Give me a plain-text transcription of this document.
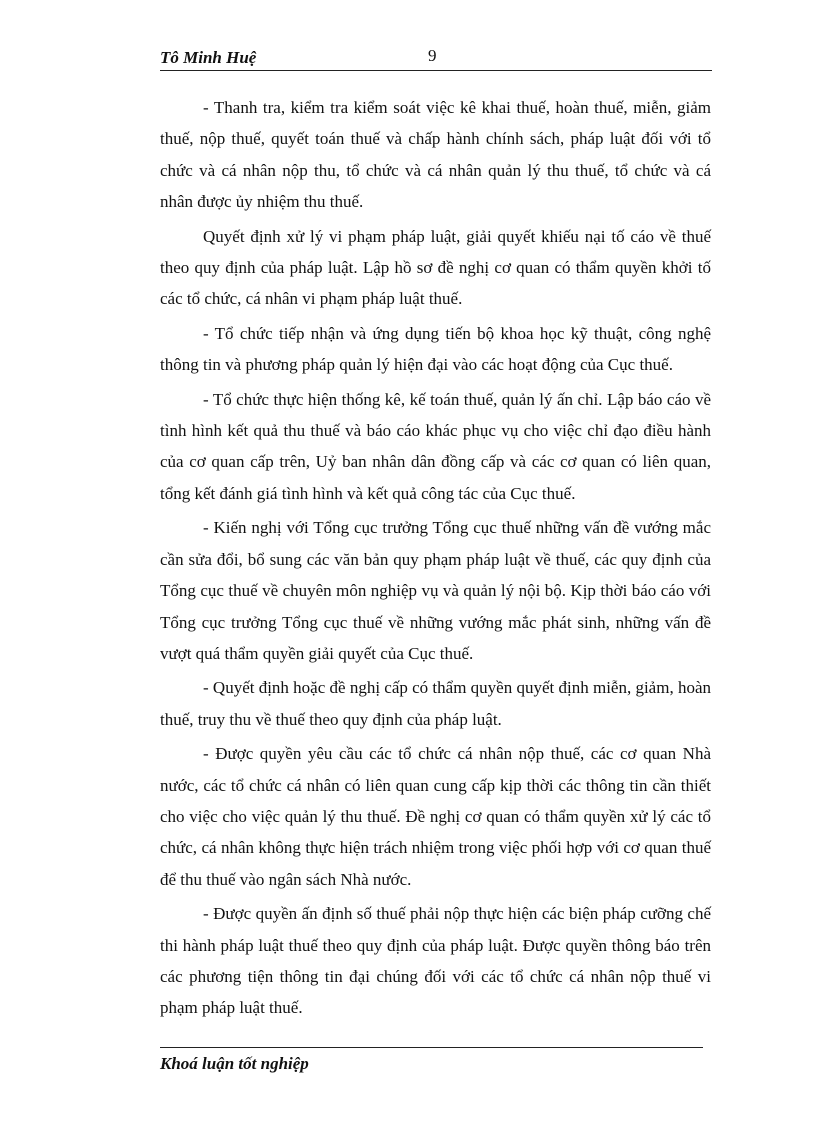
Tô Minh Huệ	9

- Thanh tra, kiểm tra kiểm soát việc kê khai thuế, hoàn thuế, miễn, giảm thuế, nộp thuế, quyết toán thuế và chấp hành chính sách, pháp luật đối với tổ chức và cá nhân nộp thu, tổ chức và cá nhân quản lý thu thuế, tổ chức và cá nhân được ủy nhiệm thu thuế.

Quyết định xử lý vi phạm pháp luật, giải quyết khiếu nại tố cáo về thuế theo quy định của pháp luật. Lập hồ sơ đề nghị cơ quan có thẩm quyền khởi tố các tổ chức, cá nhân vi phạm pháp luật thuế.

- Tổ chức tiếp nhận và ứng dụng tiến bộ khoa học kỹ thuật, công nghệ thông tin và phương pháp quản lý hiện đại vào các hoạt động của Cục thuế.

- Tổ chức thực hiện thống kê, kế toán thuế, quản lý ấn chỉ. Lập báo cáo về tình hình kết quả thu thuế và báo cáo khác phục vụ cho việc chỉ đạo điều hành của cơ quan cấp trên, Uỷ ban nhân dân đồng cấp và các cơ quan có liên quan, tổng kết đánh giá tình hình và kết quả công tác của Cục thuế.

- Kiến nghị với Tổng cục trưởng Tổng cục thuế những vấn đề vướng mắc cần sửa đổi, bổ sung các văn bản quy phạm pháp luật về thuế, các quy định của Tổng cục thuế về chuyên môn nghiệp vụ và quản lý nội bộ. Kịp thời báo cáo với Tổng cục trưởng Tổng cục thuế về những vướng mắc phát sinh, những vấn đề vượt quá thẩm quyền giải quyết của Cục thuế.

- Quyết định hoặc đề nghị cấp có thẩm quyền quyết định miễn, giảm, hoàn thuế, truy thu về thuế theo quy định của pháp luật.

- Được quyền yêu cầu các tổ chức cá nhân nộp thuế, các cơ quan Nhà nước, các tổ chức cá nhân có liên quan cung cấp kịp thời các thông tin cần thiết cho việc cho việc quản lý thu thuế. Đề nghị cơ quan có thẩm quyền xử lý các tổ chức, cá nhân không thực hiện trách nhiệm trong việc phối hợp với cơ quan thuế để thu thuế vào ngân sách Nhà nước.

- Được quyền ấn định số thuế phải nộp thực hiện các biện pháp cưỡng chế thi hành pháp luật thuế theo quy định của pháp luật. Được quyền thông báo trên các phương tiện thông tin đại chúng đối với các tổ chức cá nhân nộp thuế vi phạm pháp luật thuế.

Khoá luận tốt nghiệp
